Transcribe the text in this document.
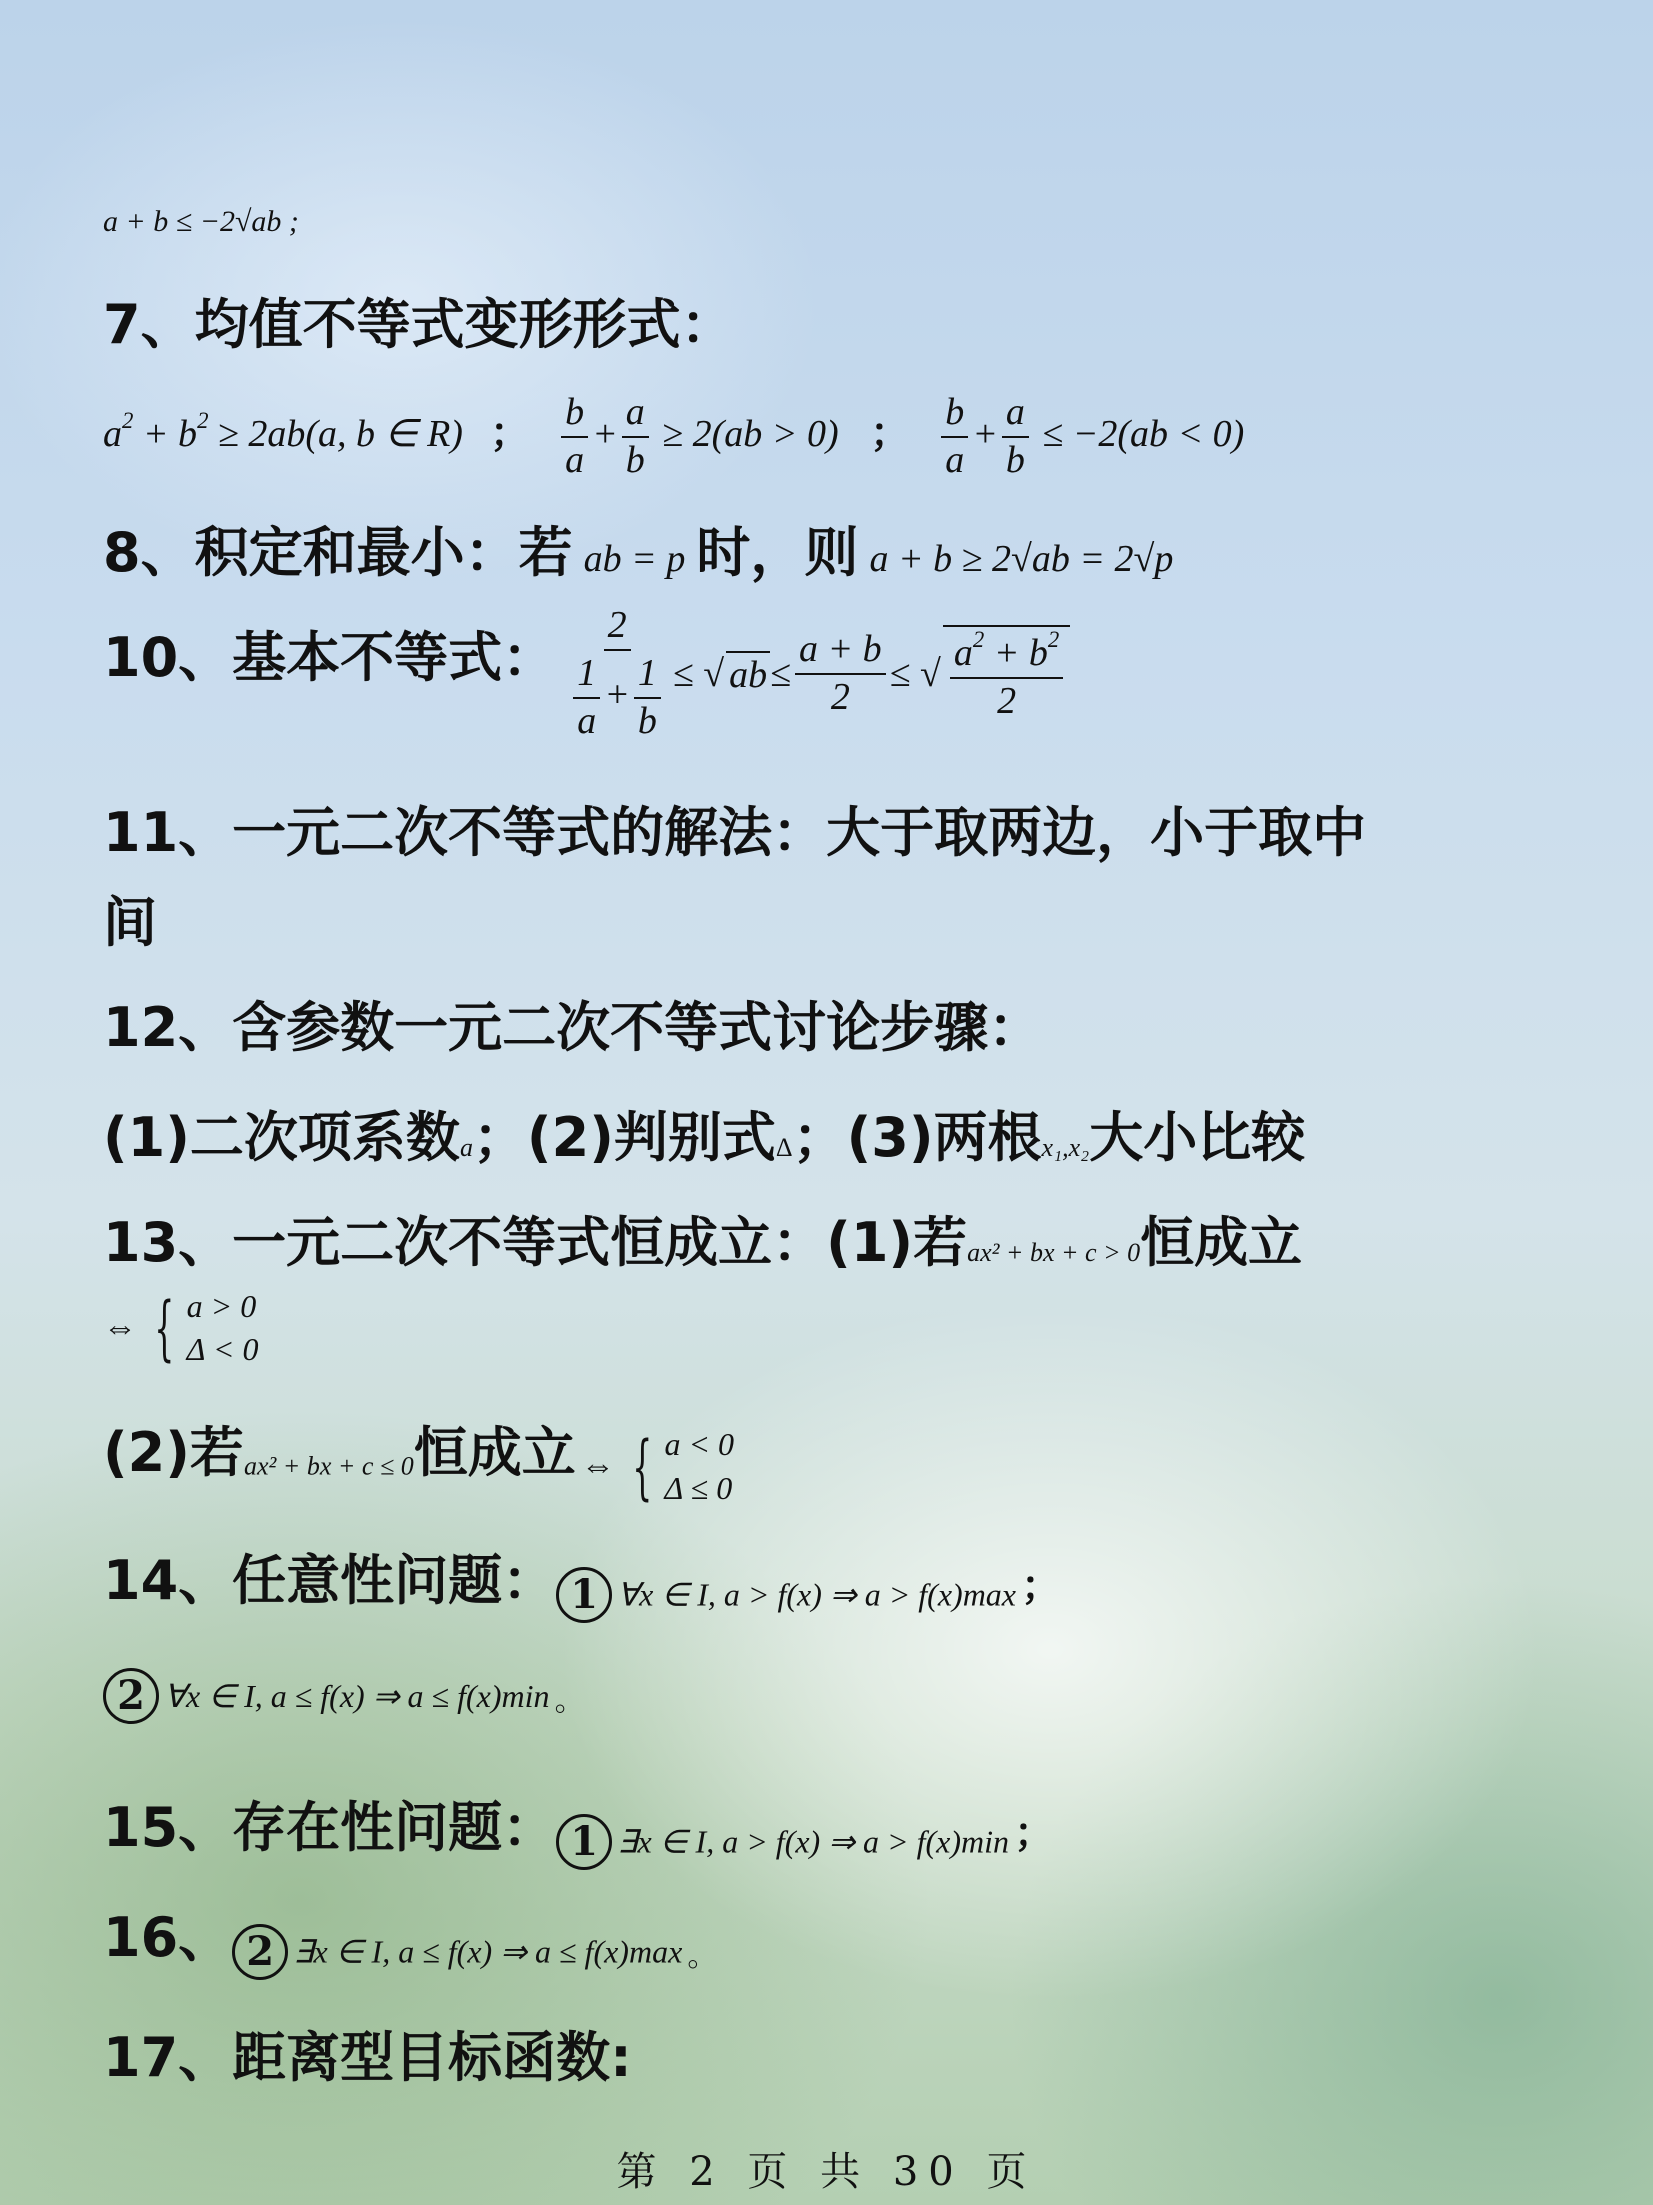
a + b ≤ −2√ab ;
7、均值不等式变形形式：
$a^2 + b^2 \ge 2ab(a$, b ∈ R) ； $\frac{b}{a} + \frac{a}{b} \ge 2(ab > 0)$ ； $\frac{b}{a} + \frac{a}{b} \le -2(ab < 0)$
8、积定和最小：若 ab = p 时，则 a + b ≥ 2√ab = 2√p
10、基本不等式： $\frac{2}{\frac{1}{a} + \frac{1}{b}}$ ≤ √ ab ≤ $\frac{a + b}{2}$ ≤ √ $\frac{a^2 + b^2}{2}$
11、一元二次不等式的解法：大于取两边，小于取中
间
12、含参数一元二次不等式讨论步骤：
(1)二次项系数a；(2)判别式Δ；(3)两根x₁,x₂大小比较
13、一元二次不等式恒成立：(1)若ax² + bx + c > 0恒成立
⇔ { a > 0
Δ < 0
(2)若ax² + bx + c ≤ 0恒成立 ⇔ { a < 0
Δ ≤ 0
14、任意性问题： 1 ∀x ∈ I, a > f(x) ⇒ a > f(x)max ；
2 ∀x ∈ I, a ≤ f(x) ⇒ a ≤ f(x)min 。
15、存在性问题： 1 ∃x ∈ I, a > f(x) ⇒ a > f(x)min ；
16、 2 ∃x ∈ I, a ≤ f(x) ⇒ a ≤ f(x)max 。
17、距离型目标函数:
第 2 页 共 30 页
